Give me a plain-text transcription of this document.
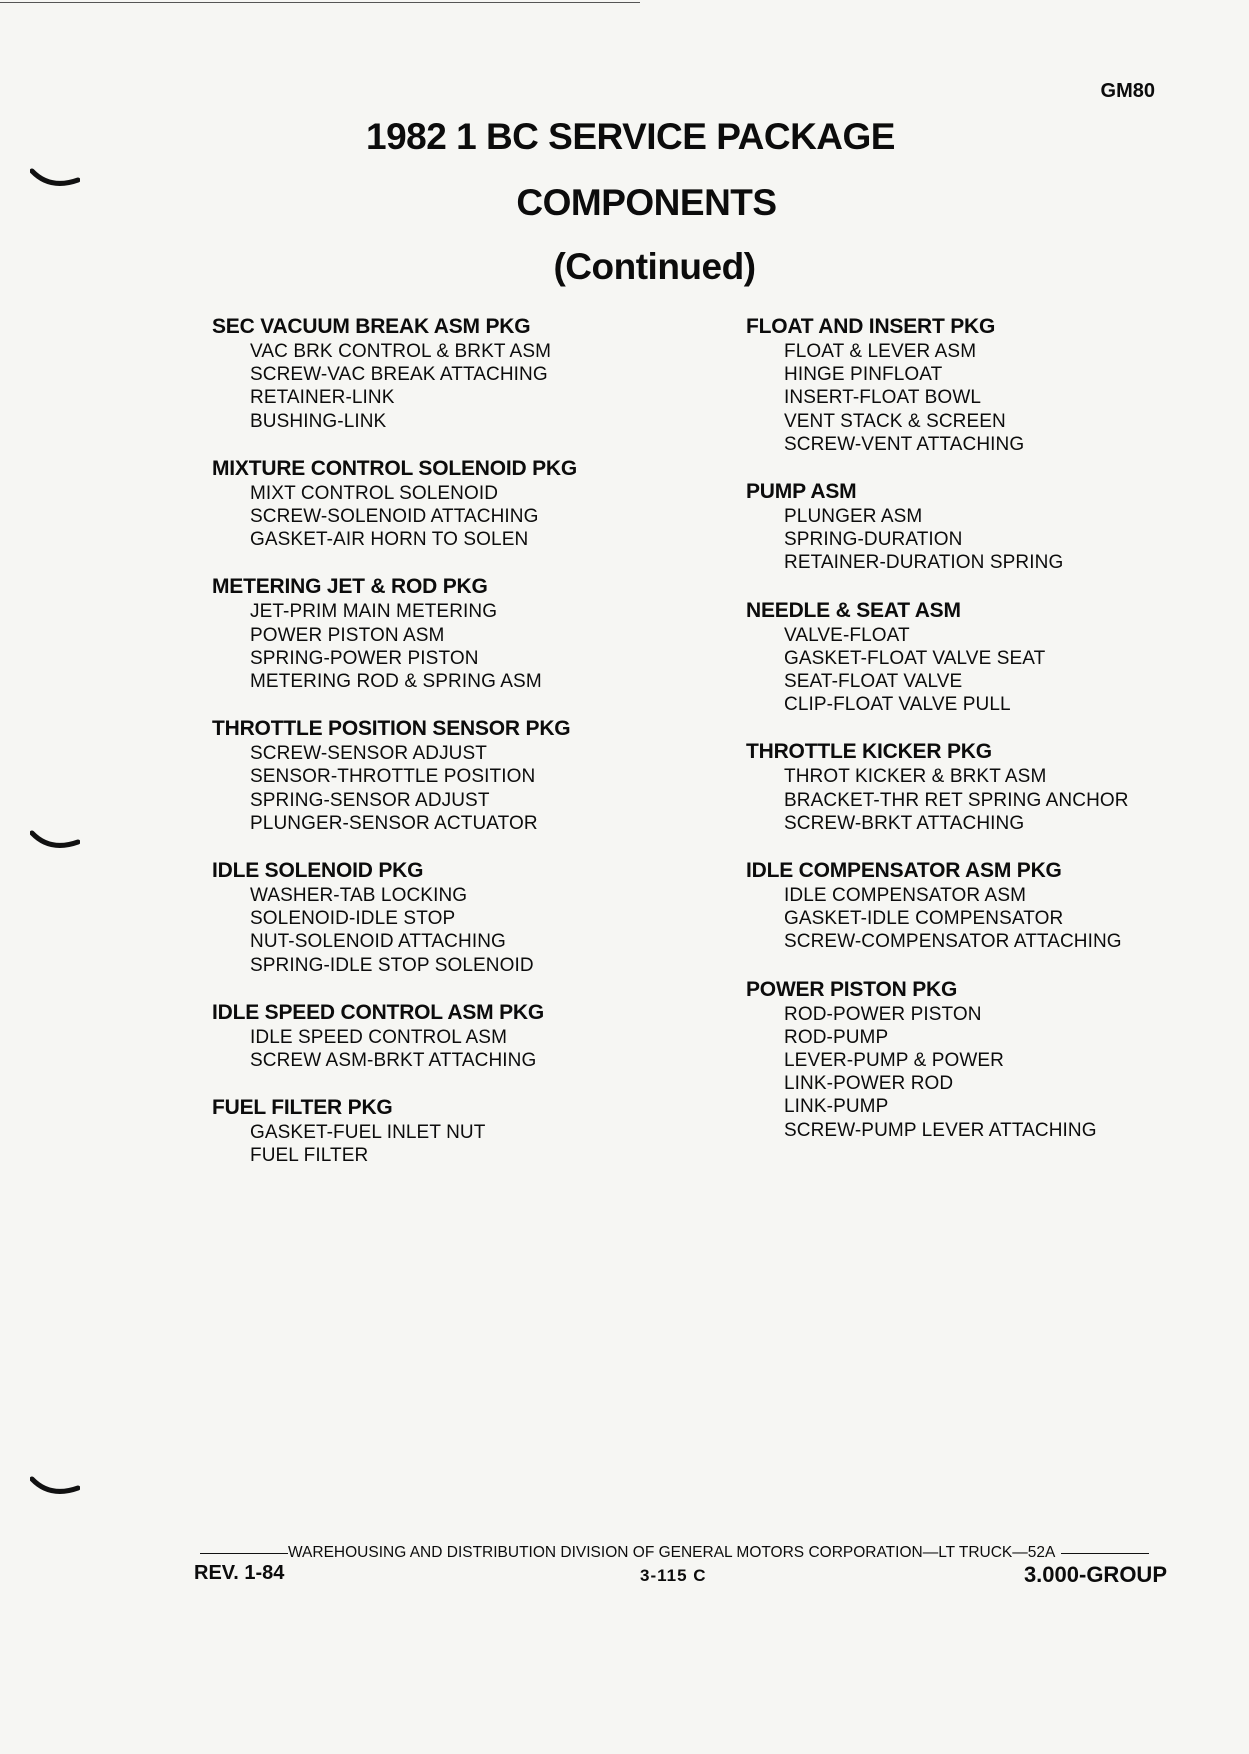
GM80
1982 1 BC SERVICE PACKAGE
COMPONENTS
(Continued)
SEC VACUUM BREAK ASM PKG
VAC BRK CONTROL & BRKT ASM
SCREW-VAC BREAK ATTACHING
RETAINER-LINK
BUSHING-LINK
MIXTURE CONTROL SOLENOID PKG
MIXT CONTROL SOLENOID
SCREW-SOLENOID ATTACHING
GASKET-AIR HORN TO SOLEN
METERING JET & ROD PKG
JET-PRIM MAIN METERING
POWER PISTON ASM
SPRING-POWER PISTON
METERING ROD & SPRING ASM
THROTTLE POSITION SENSOR PKG
SCREW-SENSOR ADJUST
SENSOR-THROTTLE POSITION
SPRING-SENSOR ADJUST
PLUNGER-SENSOR ACTUATOR
IDLE SOLENOID PKG
WASHER-TAB LOCKING
SOLENOID-IDLE STOP
NUT-SOLENOID ATTACHING
SPRING-IDLE STOP SOLENOID
IDLE SPEED CONTROL ASM PKG
IDLE SPEED CONTROL ASM
SCREW ASM-BRKT ATTACHING
FUEL FILTER PKG
GASKET-FUEL INLET NUT
FUEL FILTER
FLOAT AND INSERT PKG
FLOAT & LEVER ASM
HINGE PINFLOAT
INSERT-FLOAT BOWL
VENT STACK & SCREEN
SCREW-VENT ATTACHING
PUMP ASM
PLUNGER ASM
SPRING-DURATION
RETAINER-DURATION SPRING
NEEDLE & SEAT ASM
VALVE-FLOAT
GASKET-FLOAT VALVE SEAT
SEAT-FLOAT VALVE
CLIP-FLOAT VALVE PULL
THROTTLE KICKER PKG
THROT KICKER & BRKT ASM
BRACKET-THR RET SPRING ANCHOR
SCREW-BRKT ATTACHING
IDLE COMPENSATOR ASM PKG
IDLE COMPENSATOR ASM
GASKET-IDLE COMPENSATOR
SCREW-COMPENSATOR ATTACHING
POWER PISTON PKG
ROD-POWER PISTON
ROD-PUMP
LEVER-PUMP & POWER
LINK-POWER ROD
LINK-PUMP
SCREW-PUMP LEVER ATTACHING
WAREHOUSING AND DISTRIBUTION DIVISION OF GENERAL MOTORS CORPORATION—LT TRUCK—52A
REV. 1-84	3-115 C	3.000-GROUP
